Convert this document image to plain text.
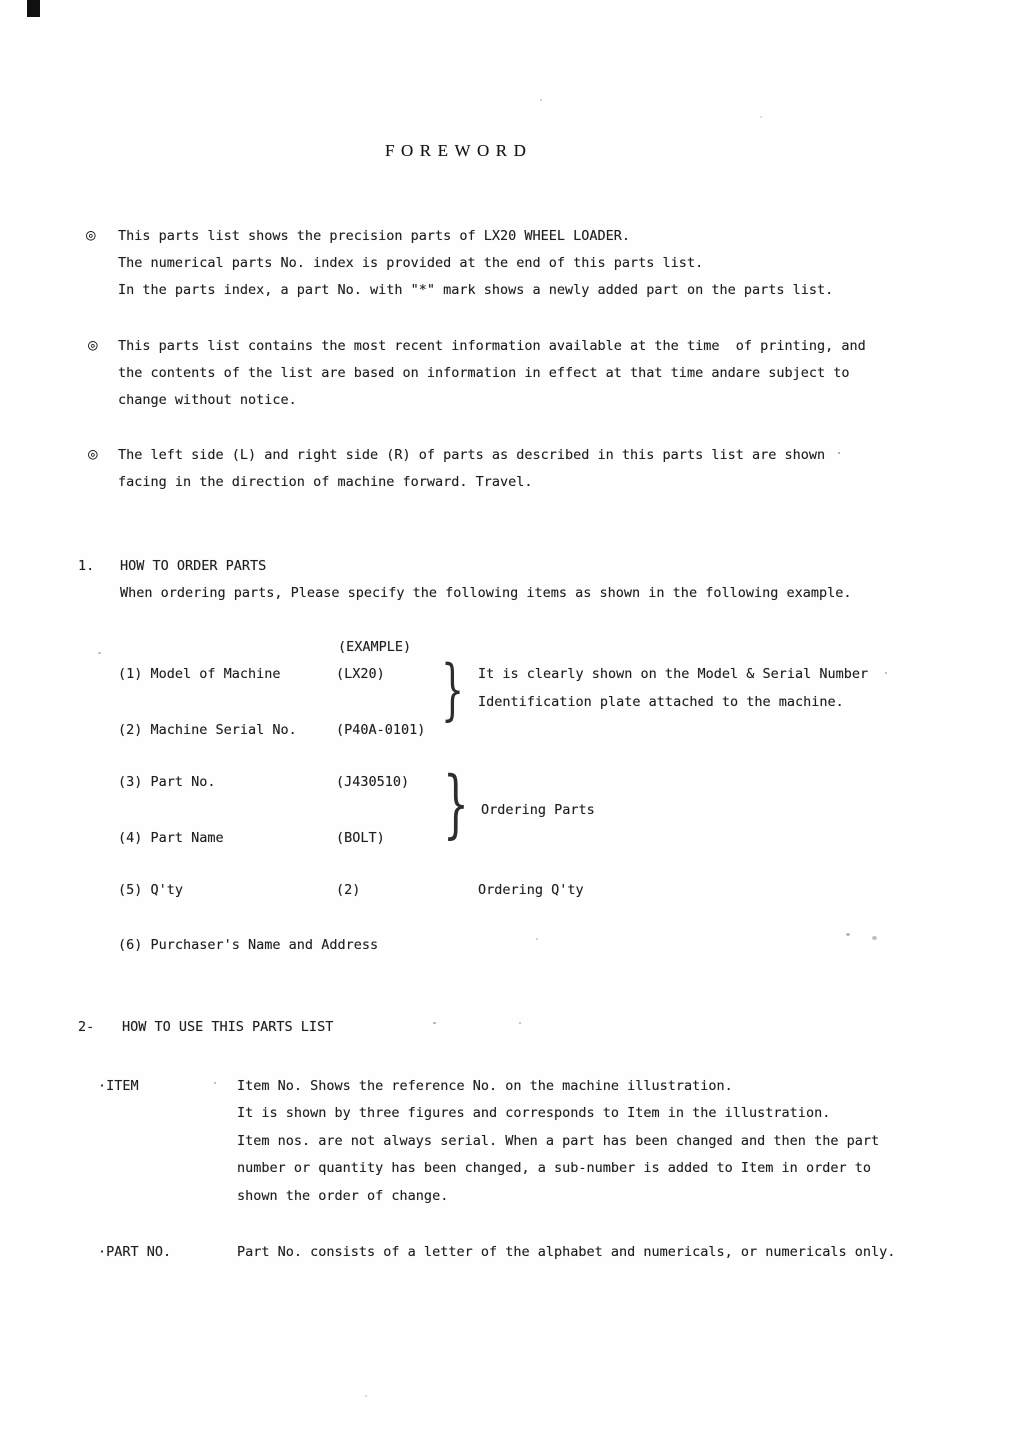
FOREWORD
◎ This parts list shows the precision parts of LX20 WHEEL LOADER.
The numerical parts No. index is provided at the end of this parts list.
In the parts index, a part No. with "*" mark shows a newly added part on the parts list.
◎ This parts list contains the most recent information available at the time  of printing, and
the contents of the list are based on information in effect at that time andare subject to
change without notice.
◎ The left side (L) and right side (R) of parts as described in this parts list are shown
facing in the direction of machine forward. Travel.
1. HOW TO ORDER PARTS
When ordering parts, Please specify the following items as shown in the following example.
(EXAMPLE)
(1) Model of Machine	(LX20)	It is clearly shown on the Model & Serial Number
Identification plate attached to the machine.
(2) Machine Serial No.	(P40A-0101)
(3) Part No.	(J430510)
Ordering Parts
(4) Part Name	(BOLT)
(5) Q'ty	(2)	Ordering Q'ty
(6) Purchaser's Name and Address
}
}
2- HOW TO USE THIS PARTS LIST
·ITEM	Item No. Shows the reference No. on the machine illustration.
It is shown by three figures and corresponds to Item in the illustration.
Item nos. are not always serial. When a part has been changed and then the part
number or quantity has been changed, a sub-number is added to Item in order to
shown the order of change.
·PART NO.	Part No. consists of a letter of the alphabet and numericals, or numericals only.
